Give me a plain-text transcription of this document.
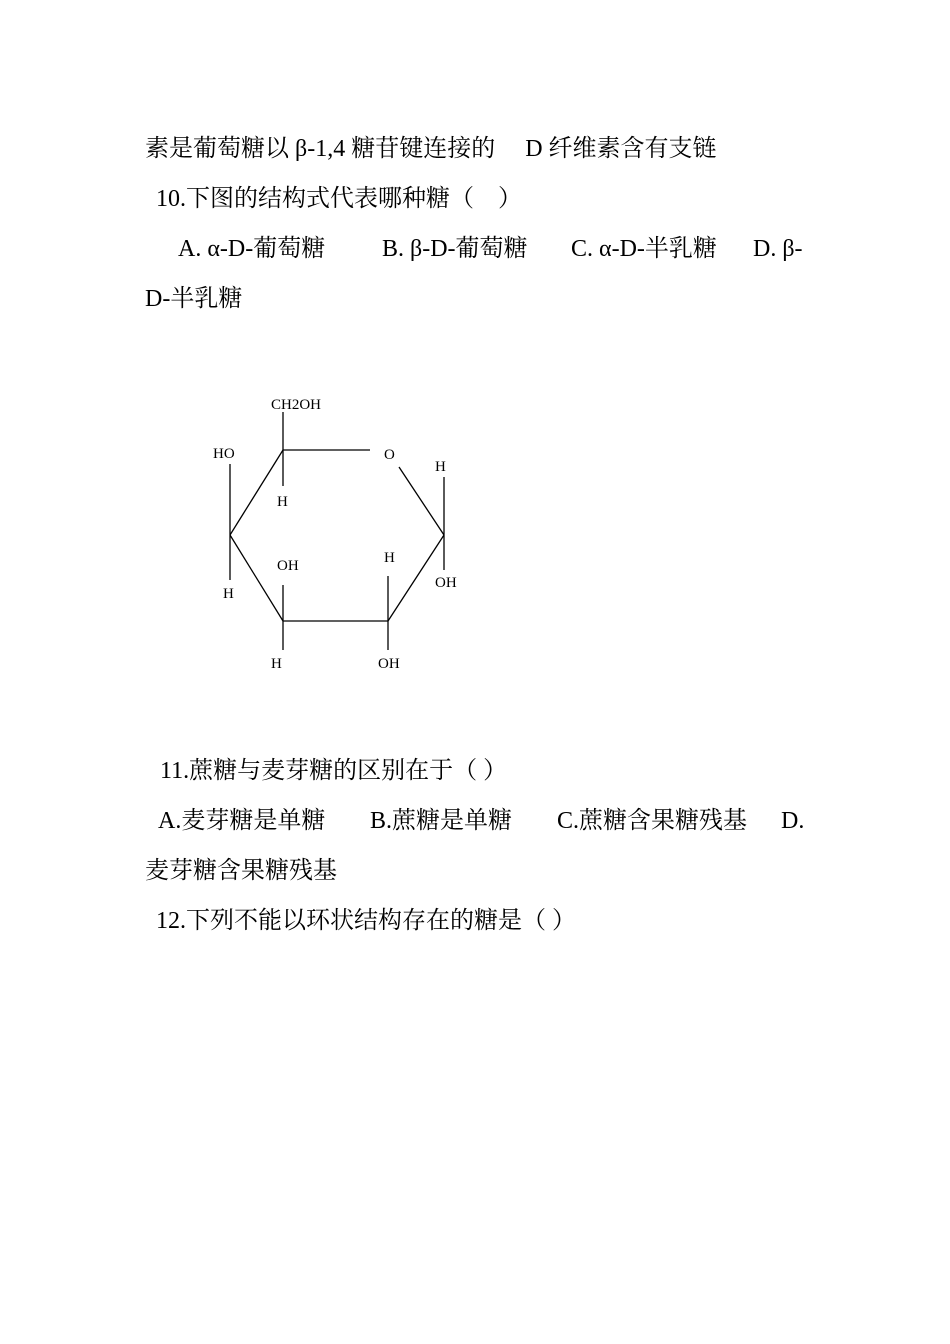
素是葡萄糖以 β-1,4 糖苷键连接的　 D 纤维素含有支链
10.下图的结构式代表哪种糖（　）
A. α-D-葡萄糖 B. β-D-葡萄糖 C. α-D-半乳糖 D. β-
D-半乳糖
CH2OH
O
HO
H
H
OH
H
OH	H
H	OH
11.蔗糖与麦芽糖的区别在于（ ）
A.麦芽糖是单糖 B.蔗糖是单糖 C.蔗糖含果糖残基 D.
麦芽糖含果糖残基
12.下列不能以环状结构存在的糖是（ ）
